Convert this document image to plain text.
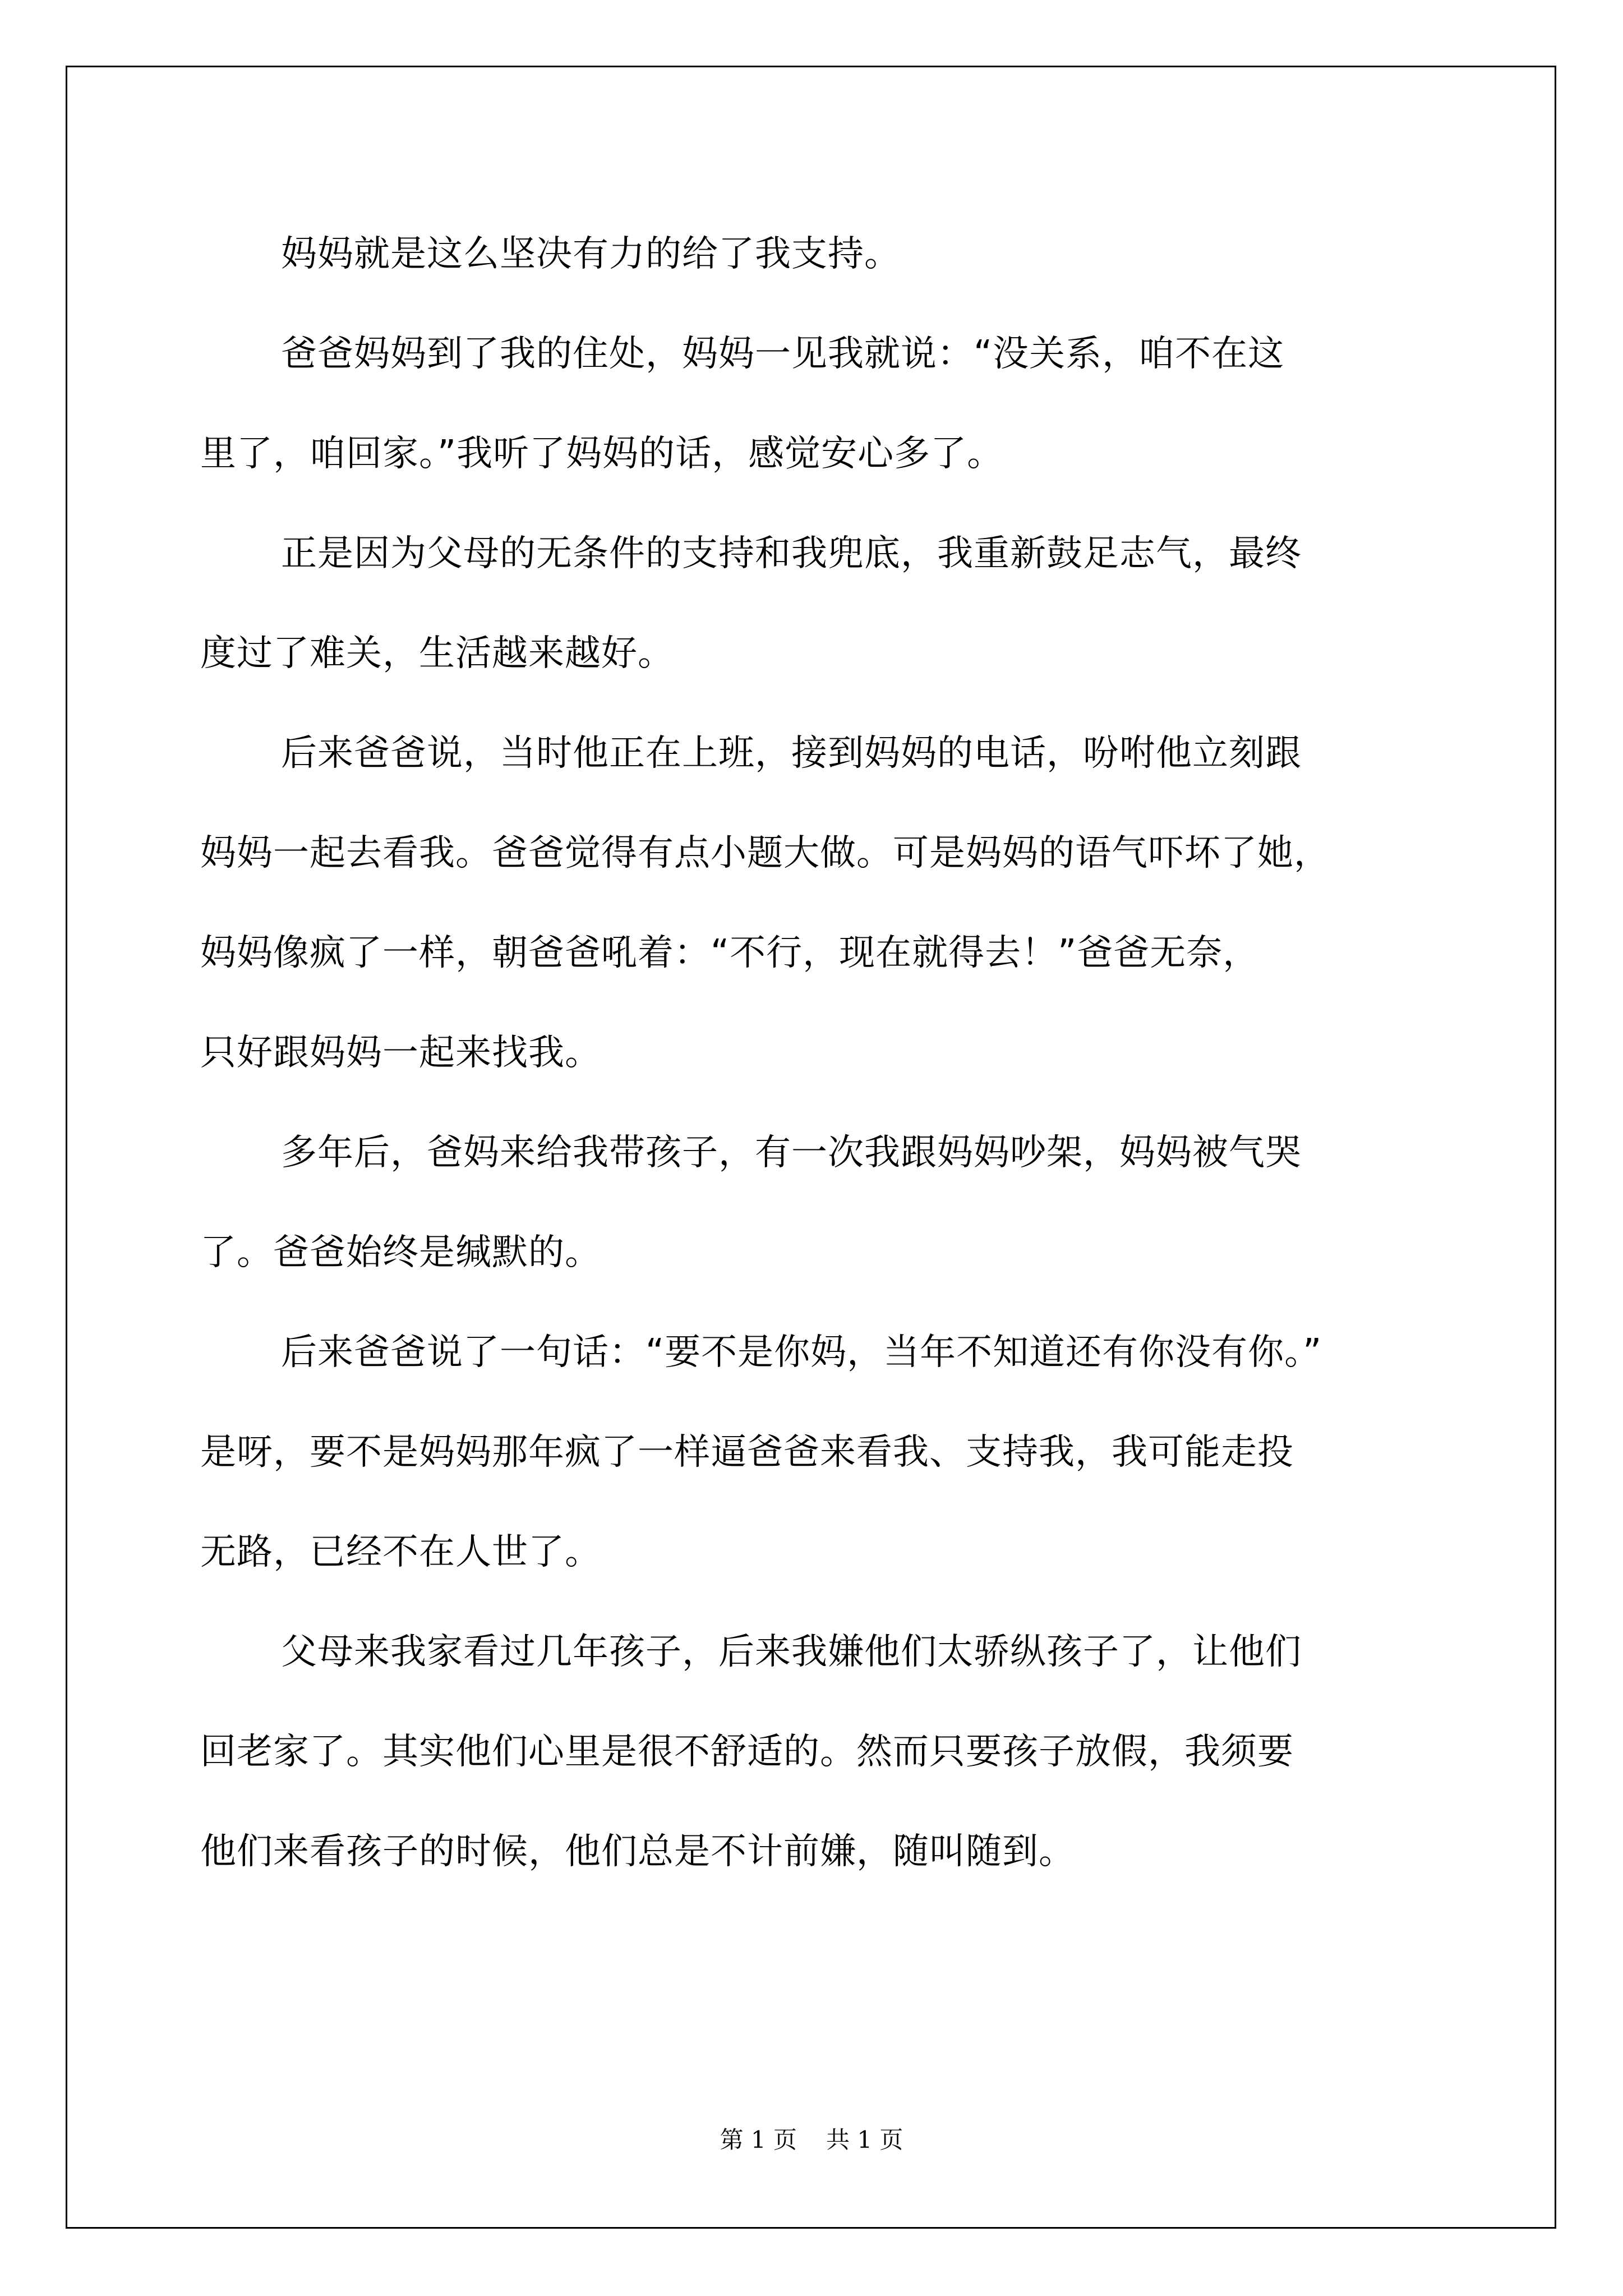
妈妈就是这么坚决有力的给了我支持。
爸爸妈妈到了我的住处，妈妈一见我就说：“没关系，咱不在这
里了，咱回家。”我听了妈妈的话，感觉安心多了。
正是因为父母的无条件的支持和我兜底，我重新鼓足志气，最终
度过了难关，生活越来越好。
后来爸爸说，当时他正在上班，接到妈妈的电话，吩咐他立刻跟
妈妈一起去看我。爸爸觉得有点小题大做。可是妈妈的语气吓坏了她，
妈妈像疯了一样，朝爸爸吼着：“不行，现在就得去！”爸爸无奈，
只好跟妈妈一起来找我。
多年后，爸妈来给我带孩子，有一次我跟妈妈吵架，妈妈被气哭
了。爸爸始终是缄默的。
后来爸爸说了一句话：“要不是你妈，当年不知道还有你没有你。”
是呀，要不是妈妈那年疯了一样逼爸爸来看我、支持我，我可能走投
无路，已经不在人世了。
父母来我家看过几年孩子，后来我嫌他们太骄纵孩子了，让他们
回老家了。其实他们心里是很不舒适的。然而只要孩子放假，我须要
他们来看孩子的时候，他们总是不计前嫌，随叫随到。
第 1 页 共 1 页
